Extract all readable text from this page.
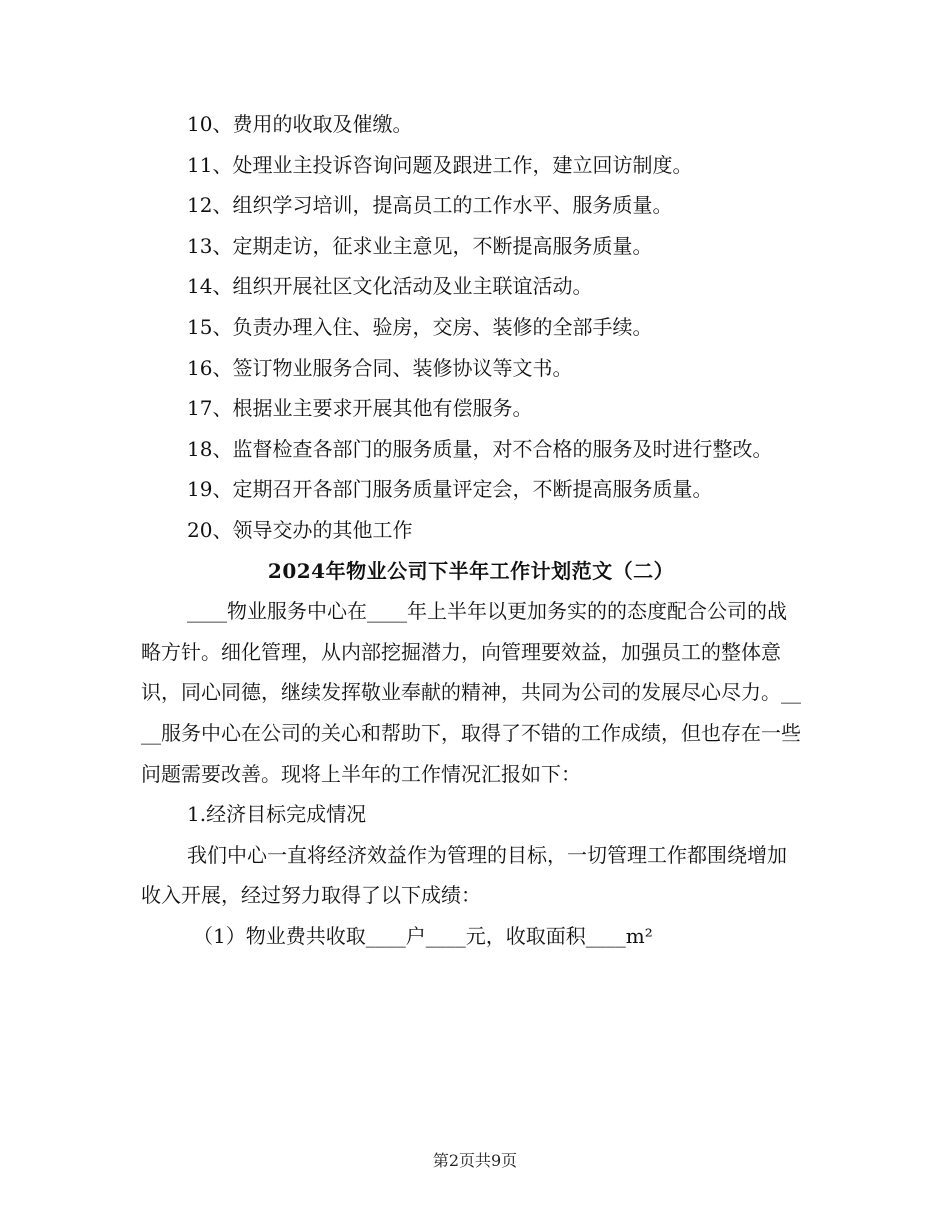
10、费用的收取及催缴。

11、处理业主投诉咨询问题及跟进工作，建立回访制度。

12、组织学习培训，提高员工的工作水平、服务质量。

13、定期走访，征求业主意见，不断提高服务质量。

14、组织开展社区文化活动及业主联谊活动。

15、负责办理入住、验房，交房、装修的全部手续。

16、签订物业服务合同、装修协议等文书。

17、根据业主要求开展其他有偿服务。

18、监督检查各部门的服务质量，对不合格的服务及时进行整改。

19、定期召开各部门服务质量评定会，不断提高服务质量。

20、领导交办的其他工作

2024年物业公司下半年工作计划范文（二）

____物业服务中心在____年上半年以更加务实的的态度配合公司的战略方针。细化管理，从内部挖掘潜力，向管理要效益，加强员工的整体意识，同心同德，继续发挥敬业奉献的精神，共同为公司的发展尽心尽力。____服务中心在公司的关心和帮助下，取得了不错的工作成绩，但也存在一些问题需要改善。现将上半年的工作情况汇报如下：

1.经济目标完成情况

我们中心一直将经济效益作为管理的目标，一切管理工作都围绕增加收入开展，经过努力取得了以下成绩：

（1）物业费共收取____户____元，收取面积____m²

第2页共9页
